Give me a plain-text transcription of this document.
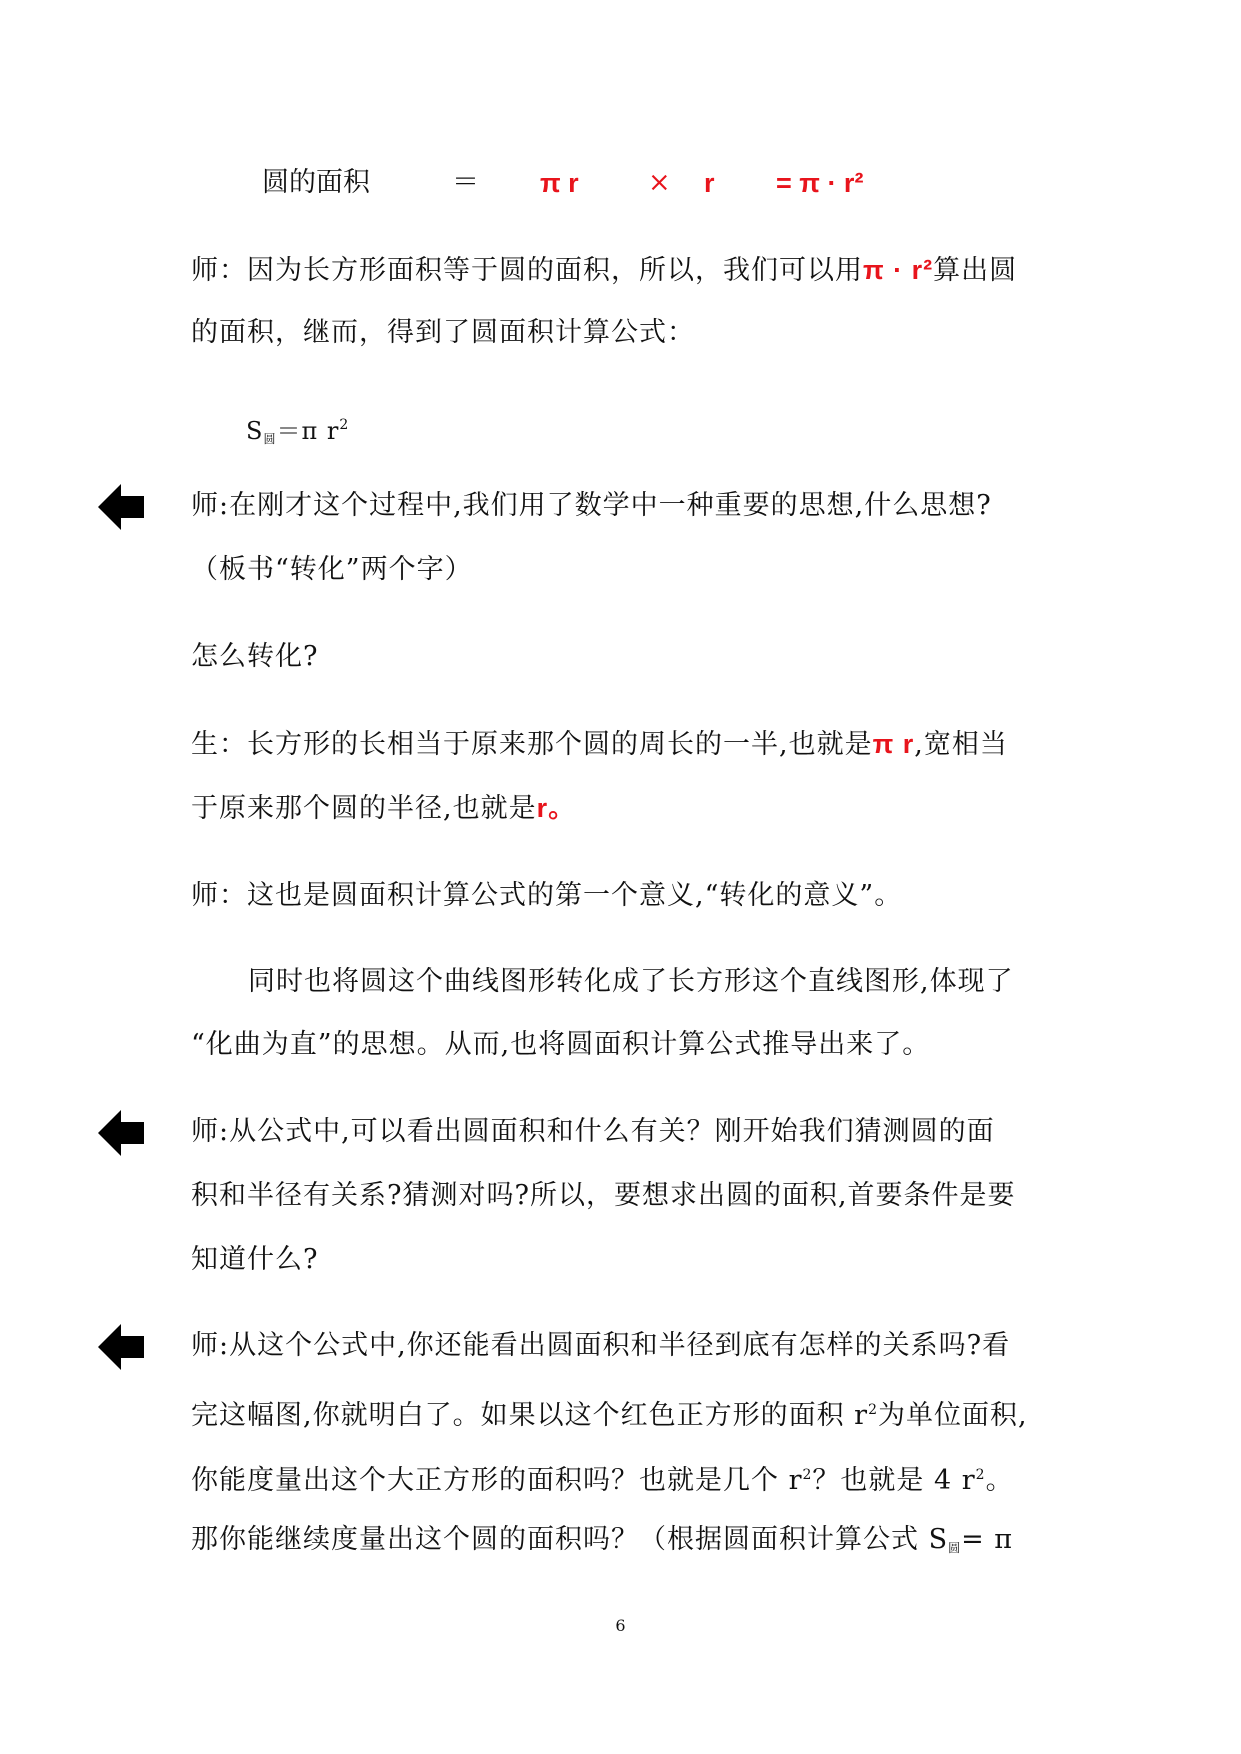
圆的面积	＝ π r	× r = π · r²
师：因为长方形面积等于圆的面积，所以，我们可以用π · r²算出圆
的面积，继而，得到了圆面积计算公式：
$S_圆=\pi$ $r^2$
师:在刚才这个过程中,我们用了数学中一种重要的思想,什么思想?
（板书“转化”两个字）
怎么转化?
生：长方形的长相当于原来那个圆的周长的一半,也就是π r,宽相当
于原来那个圆的半径,也就是r。
师：这也是圆面积计算公式的第一个意义,“转化的意义”。
同时也将圆这个曲线图形转化成了长方形这个直线图形,体现了
“化曲为直”的思想。从而,也将圆面积计算公式推导出来了。
师:从公式中,可以看出圆面积和什么有关？刚开始我们猜测圆的面
积和半径有关系?猜测对吗?所以，要想求出圆的面积,首要条件是要
知道什么?
师:从这个公式中,你还能看出圆面积和半径到底有怎样的关系吗?看
完这幅图,你就明白了。如果以这个红色正方形的面积 $r^2$为单位面积,
你能度量出这个大正方形的面积吗？也就是几个 $r^2$？也就是 4 $r^2$。
那你能继续度量出这个圆的面积吗？（根据圆面积计算公式 $S_圆= \pi$
6
